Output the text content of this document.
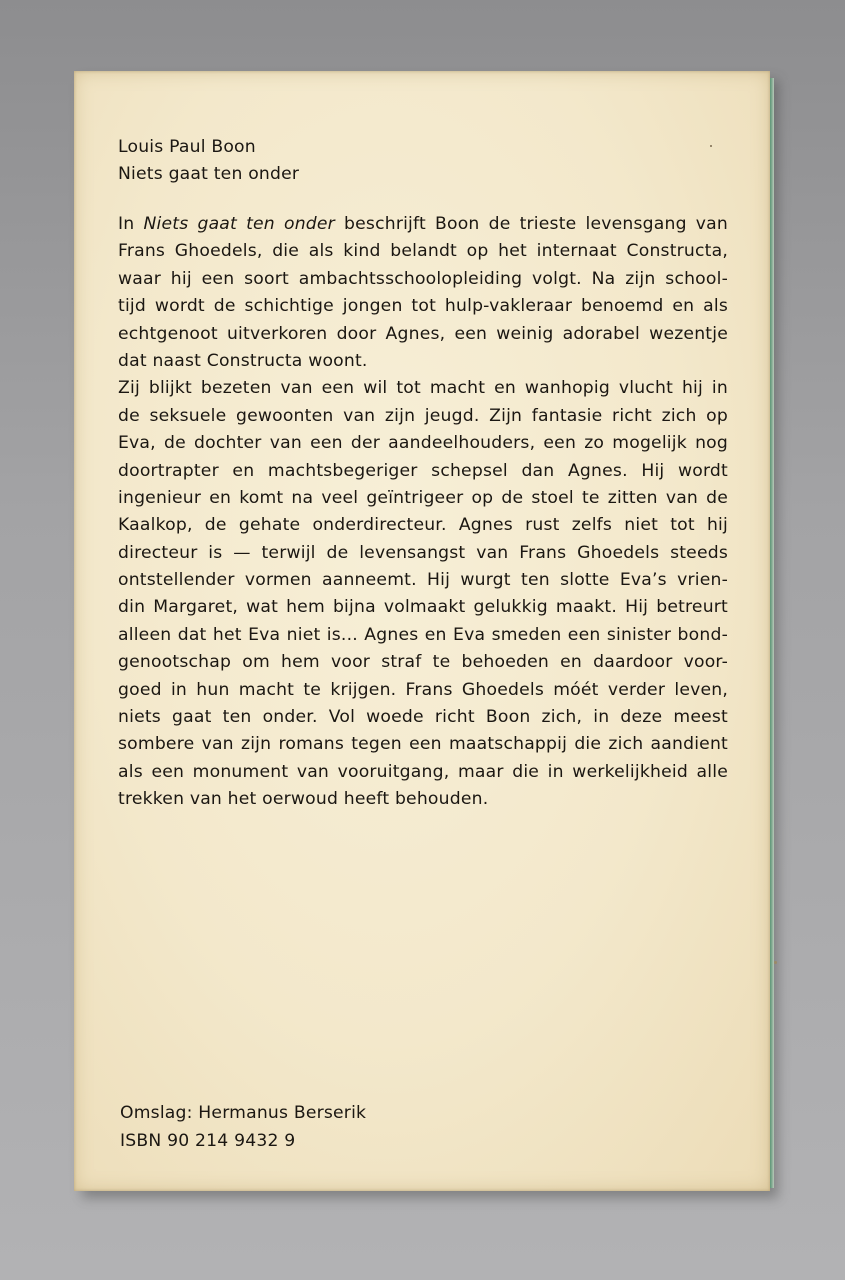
Louis Paul Boon
Niets gaat ten onder
In Niets gaat ten onder beschrijft Boon de trieste levensgang van
Frans Ghoedels, die als kind belandt op het internaat Constructa,
waar hij een soort ambachtsschoolopleiding volgt. Na zijn school-
tijd wordt de schichtige jongen tot hulp-vakleraar benoemd en als
echtgenoot uitverkoren door Agnes, een weinig adorabel wezentje
dat naast Constructa woont.
Zij blijkt bezeten van een wil tot macht en wanhopig vlucht hij in
de seksuele gewoonten van zijn jeugd. Zijn fantasie richt zich op
Eva, de dochter van een der aandeelhouders, een zo mogelijk nog
doortrapter en machtsbegeriger schepsel dan Agnes. Hij wordt
ingenieur en komt na veel geïntrigeer op de stoel te zitten van de
Kaalkop, de gehate onderdirecteur. Agnes rust zelfs niet tot hij
directeur is — terwijl de levensangst van Frans Ghoedels steeds
ontstellender vormen aanneemt. Hij wurgt ten slotte Eva’s vrien-
din Margaret, wat hem bijna volmaakt gelukkig maakt. Hij betreurt
alleen dat het Eva niet is... Agnes en Eva smeden een sinister bond-
genootschap om hem voor straf te behoeden en daardoor voor-
goed in hun macht te krijgen. Frans Ghoedels móét verder leven,
niets gaat ten onder. Vol woede richt Boon zich, in deze meest
sombere van zijn romans tegen een maatschappij die zich aandient
als een monument van vooruitgang, maar die in werkelijkheid alle
trekken van het oerwoud heeft behouden.
Omslag: Hermanus Berserik
ISBN 90 214 9432 9
